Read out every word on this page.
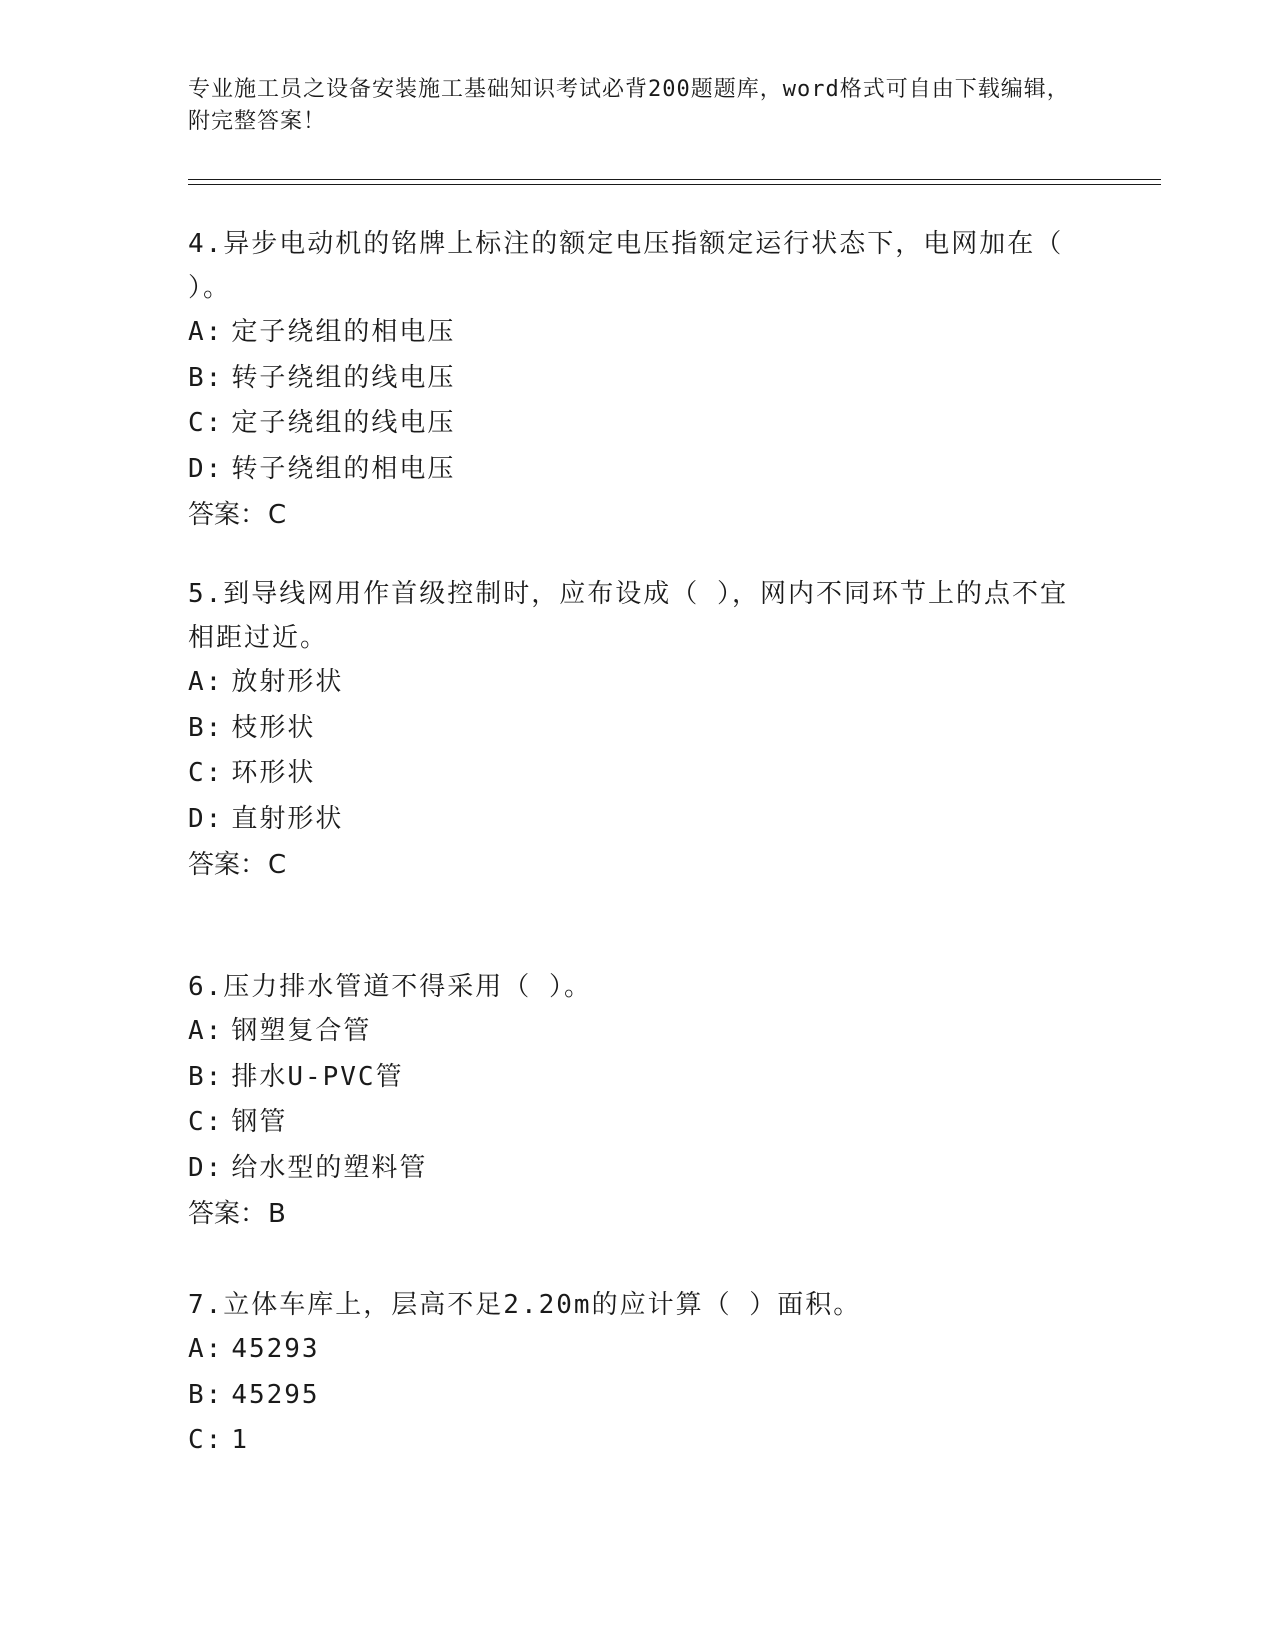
专业施工员之设备安装施工基础知识考试必背200题题库，word格式可自由下载编辑，附完整答案！
4.异步电动机的铭牌上标注的额定电压指额定运行状态下，电网加在（ ）。
A: 定子绕组的相电压
B: 转子绕组的线电压
C: 定子绕组的线电压
D: 转子绕组的相电压
答案：C
5.到导线网用作首级控制时，应布设成（ ），网内不同环节上的点不宜相距过近。
A: 放射形状
B: 枝形状
C: 环形状
D: 直射形状
答案：C
6.压力排水管道不得采用（ ）。
A: 钢塑复合管
B: 排水U-PVC管
C: 钢管
D: 给水型的塑料管
答案：B
7.立体车库上，层高不足2.20m的应计算（ ）面积。
A: 45293
B: 45295
C: 1
